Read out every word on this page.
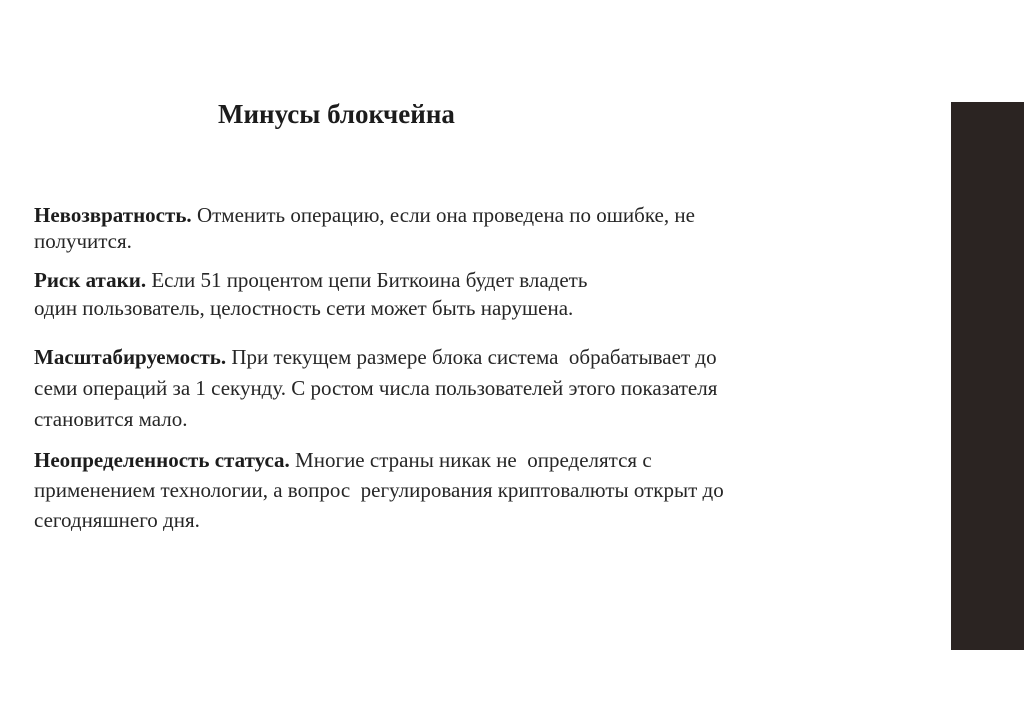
Минусы блокчейна
Невозвратность. Отменить операцию, если она проведена по ошибке, не
получится.
Риск атаки. Если 51 процентом цепи Биткоина будет владеть
один пользователь, целостность сети может быть нарушена.
Масштабируемость. При текущем размере блока система  обрабатывает до
семи операций за 1 секунду. С ростом числа пользователей этого показателя
становится мало.
Неопределенность статуса. Многие страны никак не  определятся с
применением технологии, а вопрос  регулирования криптовалюты открыт до
сегодняшнего дня.
